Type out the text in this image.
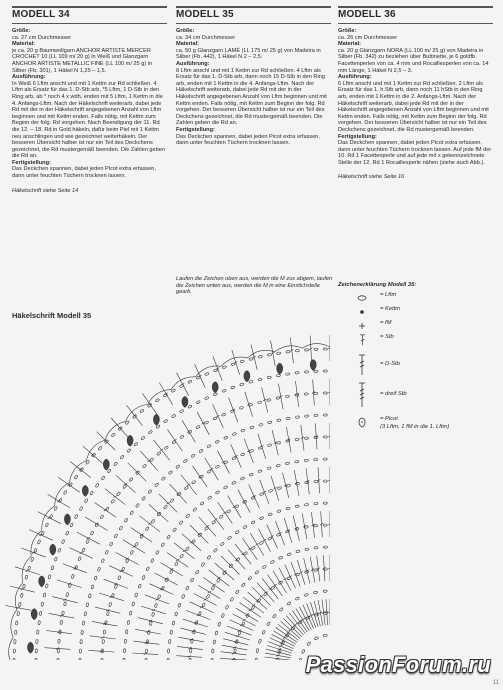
MODELL 34
Größe:
ca. 27 cm Durchmesser
Material:
je ca. 20 g Baumwollgarn ANCHOR ARTISTE MERCER CROCHET 10 (LL 109 m/ 20 g) in Weiß und Glanzgarn ANCHOR ARTISTE METALLIC FINE (LL 100 m/ 25 g) in Silber (Fb. 301), 1 Häkel N 1,25 – 1,5.
Ausführung:
In Weiß 6 Lftm anschl und mit 1 Kettm zur Rd schließen. 4 Lftm als Ersatz für das 1. D-Stb arb, *5 Lftm, 1 D-Stb in den Ring arb, ab * noch 4 x wdh, enden mit 5 Lftm, 1 Kettm in die 4. Anfangs-Lftm. Nach der Häkelschrift weiterarb, dabei jede Rd mit der in der Häkelschrift angegebenen Anzahl von Lftm beginnen und mit Kettm enden. Falls nötig, mit Kettm zum Beginn der folg. Rd vorgehen. Nach Beendigung der 11. Rd die 12. – 18. Rd in Gold häkeln, dafür beim Piel mit 1 Kettm neu anschlingen und wie gezeichnet weiterhäkeln. Der besseren Übersicht halber ist nur ein Teil des Deckchens gezeichnet, die Rd mustergemäß beenden. Die Zahlen geben die Rd an.
Fertigstellung:
Das Deckchen spannen, dabei jeden Picot extra erfassen, dann unter feuchten Tüchern trocknen lassen.
Häkelschrift siehe Seite 14
MODELL 35
Größe:
ca. 34 cm Durchmesser
Material:
ca. 50 g Glanzgarn LAMÉ (LL 175 m/ 25 g) von Madeira in Silber (Fb. 442), 1 Häkel N 2 – 2,5.
Ausführung:
8 Lftm anschl und mit 1 Kettm zur Rd schließen. 4 Lftm als Ersatz für das 1. D-Stb arb, dann noch 15 D-Stb in den Ring arb, enden mit 1 Kettm in die 4. Anfangs-Lftm. Nach der Häkelschrift weiterarb, dabei jede Rd mit der in der Häkelschrift angegebenen Anzahl von Lftm beginnen und mit Kettm enden. Falls nötig, mit Kettm zum Beginn der folg. Rd vorgehen. Der besseren Übersicht halber ist nur ein Teil des Deckchens gezeichnet, die Rd mustergemäß beenden. Die Zahlen geben die Rd an.
Fertigstellung:
Das Deckchen spannen, dabei jeden Picot extra erfassen, dann unter feuchten Tüchern trocknen lassen.
Laufen die Zeichen oben aus, werden die M zus abgem, laufen die Zeichen unten aus, werden die M in eine Einstichstelle gearb.
MODELL 36
Größe:
ca. 26 cm Durchmesser
Material:
ca. 20 g Glanzgarn NORA (LL 100 m/ 25 g) von Madeira in Silber (Fb. 342) zu beziehen über Buttinette, je 6 goldfb. Facettenperlen von ca. 4 mm und Rocaillesperlen von ca. 14 mm Länge, 1 Häkel N 2,5 – 3.
Ausführung:
6 Lftm anschl und mit 1 Kettm zur Rd schließen. 2 Lftm als Ersatz für das 1. h.Stb arb, dann noch 11 hStb in den Ring arb, enden mit 1 Kettm in die 2. Anfangs-Lftm. Nach der Häkelschrift weiterarb, dabei jede Rd mit der in der Häkelschrift angegebenen Anzahl von Lftm beginnen und mit Kettm enden. Falls nötig, mit Kettm zum Beginn der folg. Rd vorgehen. Der besseren Übersicht halber ist nur ein Teil des Deckchens gezeichnet, die Rd mustergemäß beenden.
Fertigstellung:
Das Deckchen spannen, dabei jeden Picot extra erfassen, dann unter feuchten Tüchern trocknen lassen. Auf jede fM der 10. Rd 1 Facettenperle und auf jede mit x gekennzeichnete Stelle der 12. Rd 1 Rocaillesperle nähen (siehe auch Abb.).
Häkelschrift siehe Seite 16
Häkelschrift Modell 35
Zeichenerklärung Modell 35:
= Lftm
= Kettm
= fM
= Stb
= D-Stb
= dreif Stb
= Picot
(3 Lftm, 1 fM in die 1. Lftm)
PassionForum.ru
11
